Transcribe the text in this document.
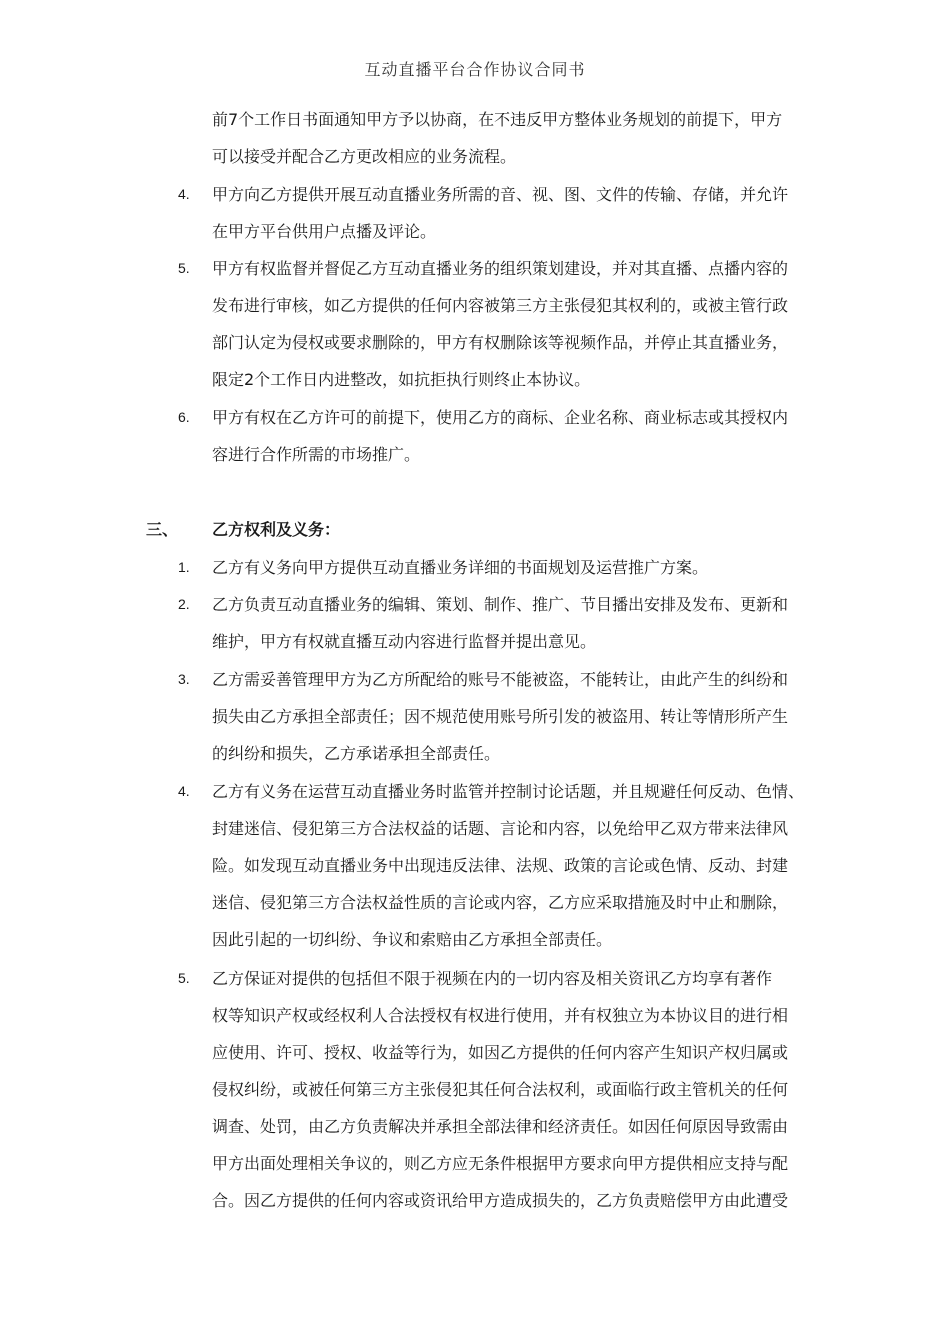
互动直播平台合作协议合同书
前7个工作日书面通知甲方予以协商，在不违反甲方整体业务规划的前提下，甲方
可以接受并配合乙方更改相应的业务流程。
4. 甲方向乙方提供开展互动直播业务所需的音、视、图、文件的传输、存储，并允许
在甲方平台供用户点播及评论。
5. 甲方有权监督并督促乙方互动直播业务的组织策划建设，并对其直播、点播内容的
发布进行审核，如乙方提供的任何内容被第三方主张侵犯其权利的，或被主管行政
部门认定为侵权或要求删除的，甲方有权删除该等视频作品，并停止其直播业务，
限定2个工作日内进整改，如抗拒执行则终止本协议。
6. 甲方有权在乙方许可的前提下，使用乙方的商标、企业名称、商业标志或其授权内
容进行合作所需的市场推广。
三、 乙方权利及义务：
1. 乙方有义务向甲方提供互动直播业务详细的书面规划及运营推广方案。
2. 乙方负责互动直播业务的编辑、策划、制作、推广、节目播出安排及发布、更新和
维护，甲方有权就直播互动内容进行监督并提出意见。
3. 乙方需妥善管理甲方为乙方所配给的账号不能被盗，不能转让，由此产生的纠纷和
损失由乙方承担全部责任；因不规范使用账号所引发的被盗用、转让等情形所产生
的纠纷和损失，乙方承诺承担全部责任。
4. 乙方有义务在运营互动直播业务时监管并控制讨论话题，并且规避任何反动、色情、
封建迷信、侵犯第三方合法权益的话题、言论和内容，以免给甲乙双方带来法律风
险。如发现互动直播业务中出现违反法律、法规、政策的言论或色情、反动、封建
迷信、侵犯第三方合法权益性质的言论或内容，乙方应采取措施及时中止和删除，
因此引起的一切纠纷、争议和索赔由乙方承担全部责任。
5. 乙方保证对提供的包括但不限于视频在内的一切内容及相关资讯乙方均享有著作
权等知识产权或经权利人合法授权有权进行使用，并有权独立为本协议目的进行相
应使用、许可、授权、收益等行为，如因乙方提供的任何内容产生知识产权归属或
侵权纠纷，或被任何第三方主张侵犯其任何合法权利，或面临行政主管机关的任何
调查、处罚，由乙方负责解决并承担全部法律和经济责任。如因任何原因导致需由
甲方出面处理相关争议的，则乙方应无条件根据甲方要求向甲方提供相应支持与配
合。因乙方提供的任何内容或资讯给甲方造成损失的，乙方负责赔偿甲方由此遭受
